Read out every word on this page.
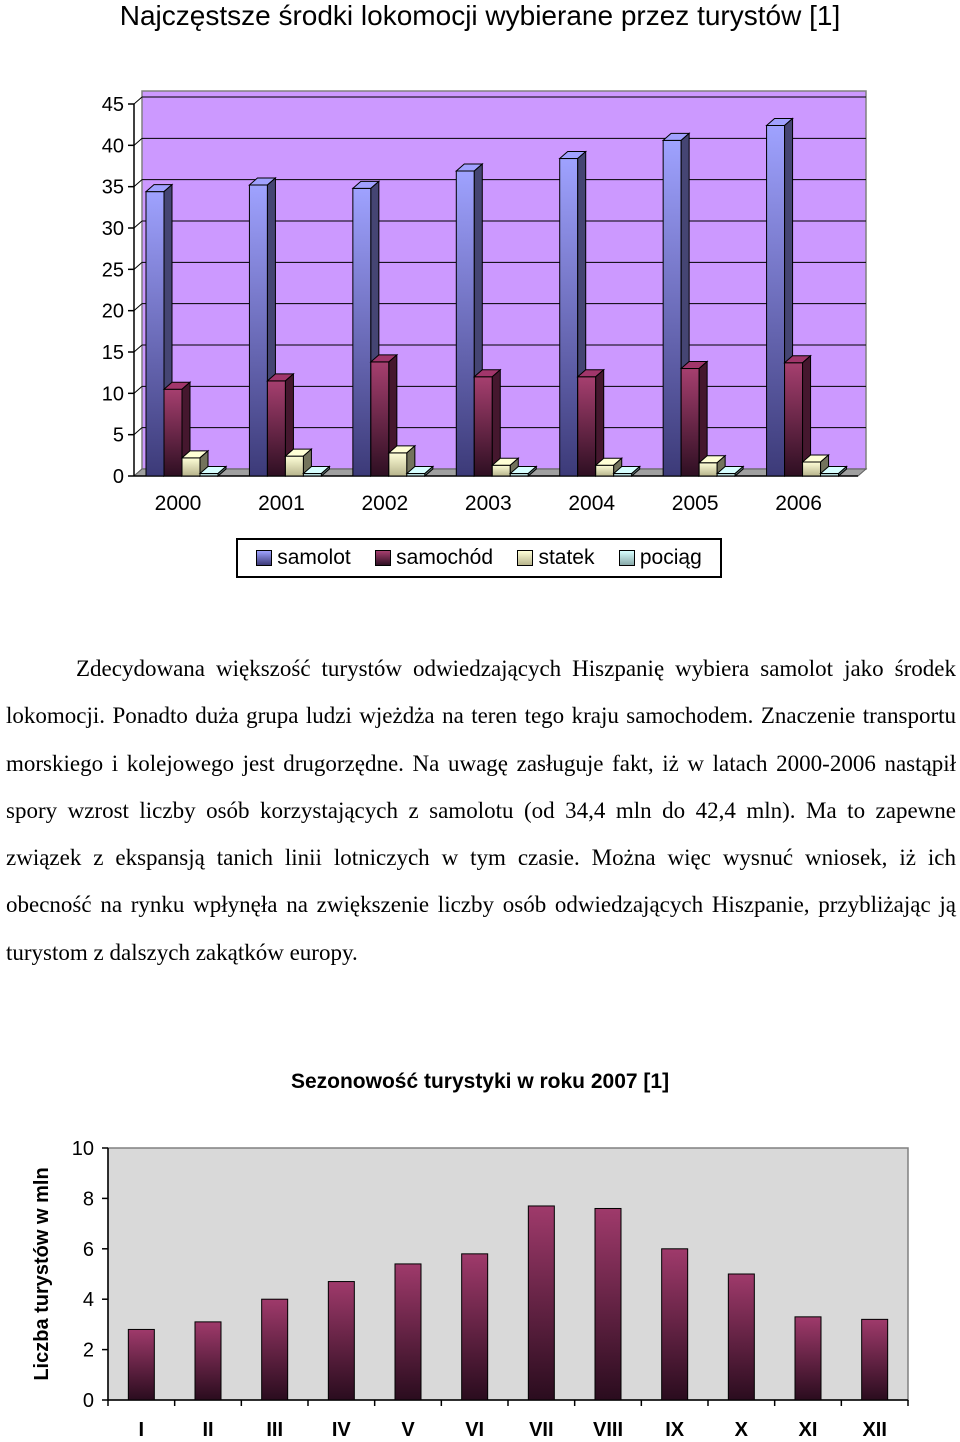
Najczęstsze środki lokomocji wybierane przez turystów [1]
0
5
10
15
20
25
30
35
40
45
2000	2001	2002	2003	2004	2005	2006
samolot samochód statek pociąg

Zdecydowana większość turystów odwiedzających Hiszpanię wybiera samolot jako środek lokomocji. Ponadto duża grupa ludzi wjeżdża na teren tego kraju samochodem. Znaczenie transportu morskiego i kolejowego jest drugorzędne. Na uwagę zasługuje fakt, iż w latach 2000-2006 nastąpił spory wzrost liczby osób korzystających z samolotu (od 34,4 mln do 42,4 mln). Ma to zapewne związek z ekspansją tanich linii lotniczych w tym czasie. Można więc wysnuć wniosek, iż ich obecność na rynku wpłynęła na zwiększenie liczby osób odwiedzających Hiszpanie, przybliżając ją turystom z dalszych zakątków europy.

Sezonowość turystyki w roku 2007 [1]
Liczba turystów w mln
0
2
4
6
8
10
I	II	III IV	V	VI VII VIII IX	X	XI XII
